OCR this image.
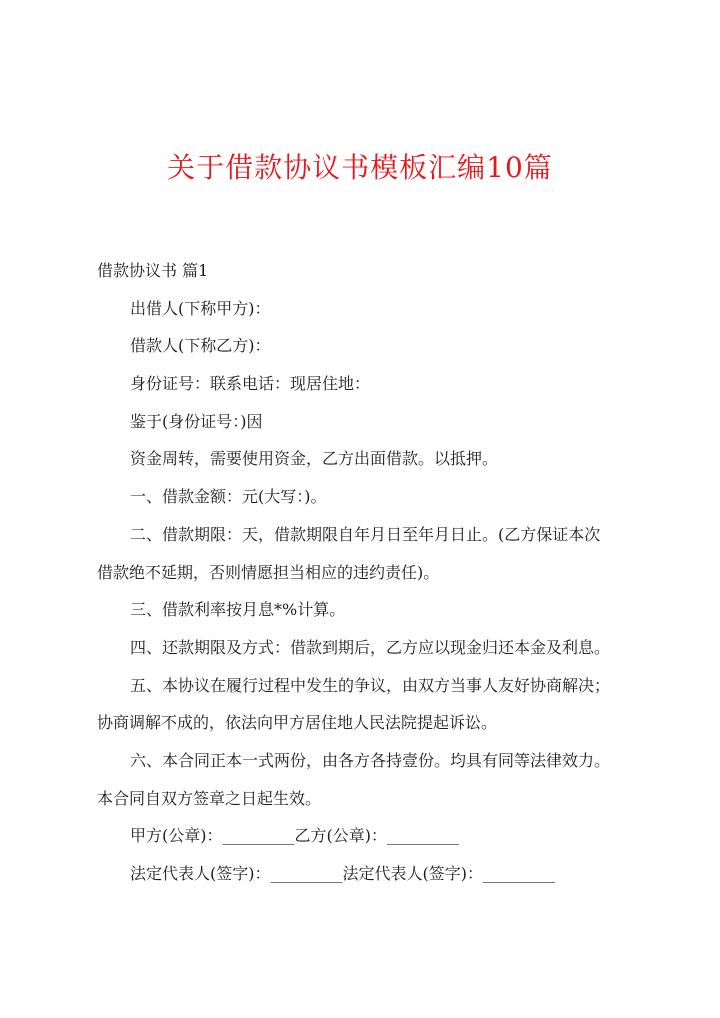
关于借款协议书模板汇编10篇
借款协议书 篇1
出借人(下称甲方)：
借款人(下称乙方)：
身份证号：联系电话：现居住地：
鉴于(身份证号：)因
资金周转，需要使用资金，乙方出面借款。以抵押。
一、借款金额：元(大写：)。
二、借款期限：天，借款期限自年月日至年月日止。(乙方保证本次
借款绝不延期，否则情愿担当相应的违约责任)。
三、借款利率按月息*%计算。
四、还款期限及方式：借款到期后，乙方应以现金归还本金及利息。
五、本协议在履行过程中发生的争议，由双方当事人友好协商解决；
协商调解不成的，依法向甲方居住地人民法院提起诉讼。
六、本合同正本一式两份，由各方各持壹份。均具有同等法律效力。
本合同自双方签章之日起生效。
甲方(公章)：_________乙方(公章)：_________
法定代表人(签字)：_________法定代表人(签字)：_________
